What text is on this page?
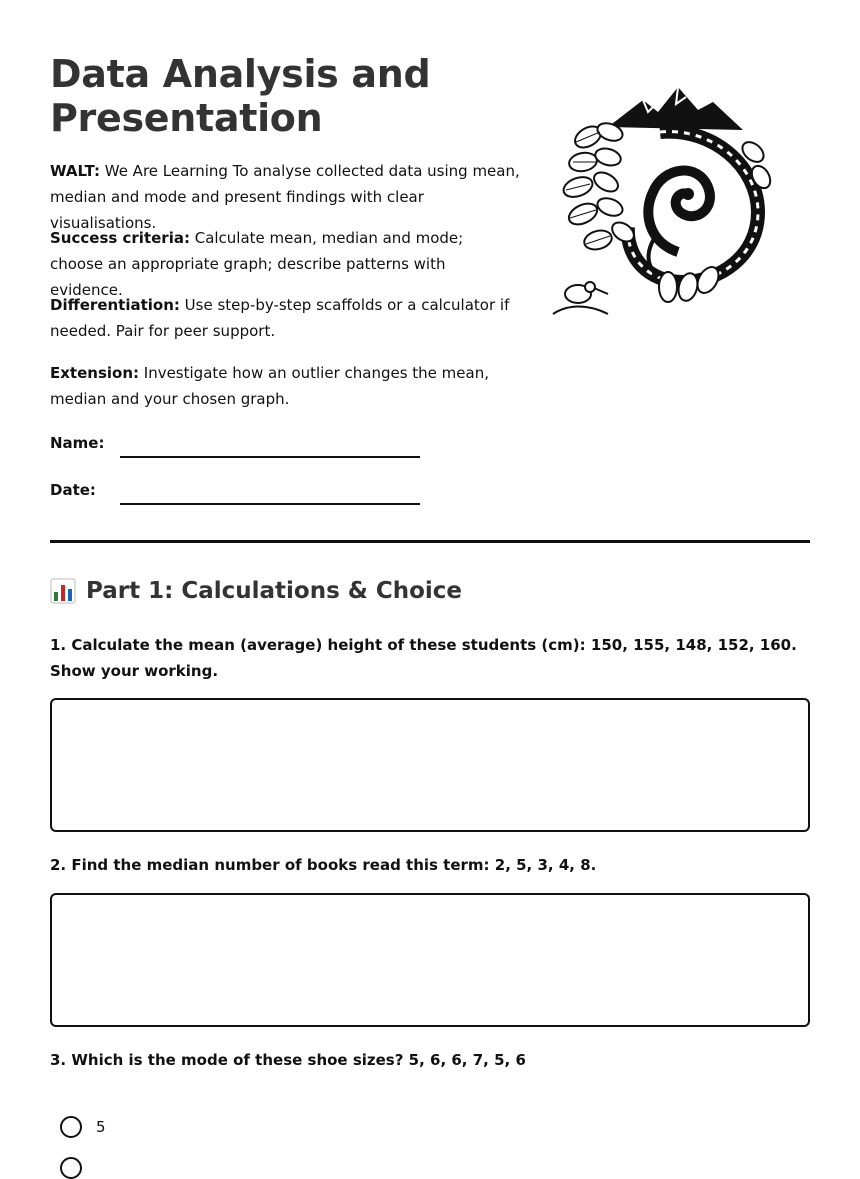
Data Analysis and Presentation

WALT: We Are Learning To analyse collected data using mean, median and mode and present findings with clear visualisations.

Success criteria: Calculate mean, median and mode; choose an appropriate graph; describe patterns with evidence.

Differentiation: Use step-by-step scaffolds or a calculator if needed. Pair for peer support.

Extension: Investigate how an outlier changes the mean, median and your chosen graph.

Name:
Date:
Part 1: Calculations & Choice

1. Calculate the mean (average) height of these students (cm): 150, 155, 148, 152, 160. Show your working.

2. Find the median number of books read this term: 2, 5, 3, 4, 8.

3. Which is the mode of these shoe sizes? 5, 6, 6, 7, 5, 6

5
